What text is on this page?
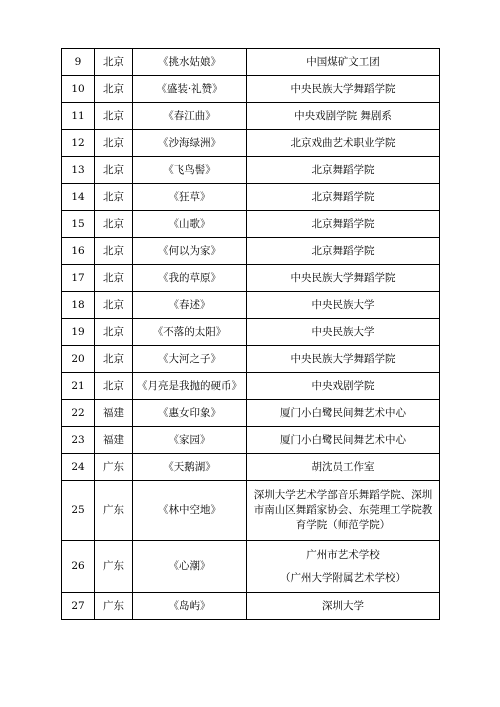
9	北京	《挑水姑娘》	中国煤矿文工团
10	北京	《盛装·礼赞》	中央民族大学舞蹈学院
11	北京	《春江曲》	中央戏剧学院 舞剧系
12	北京	《沙海绿洲》	北京戏曲艺术职业学院
13	北京	《飞鸟髻》	北京舞蹈学院
14	北京	《狂草》	北京舞蹈学院
15	北京	《山歌》	北京舞蹈学院
16	北京	《何以为家》	北京舞蹈学院
17	北京	《我的草原》	中央民族大学舞蹈学院
18	北京	《春述》	中央民族大学
19	北京	《不落的太阳》	中央民族大学
20	北京	《大河之子》	中央民族大学舞蹈学院
21	北京	《月亮是我抛的硬币》	中央戏剧学院
22	福建	《惠女印象》	厦门小白鹭民间舞艺术中心
23	福建	《家园》	厦门小白鹭民间舞艺术中心
24	广东	《天鹅湖》	胡沈员工作室
25	广东	《林中空地》	深圳大学艺术学部音乐舞蹈学院、深圳
市南山区舞蹈家协会、东莞理工学院教
育学院（师范学院）

26	广东	《心潮》	广州市艺术学校
（广州大学附属艺术学校）

27	广东	《岛屿》	深圳大学
